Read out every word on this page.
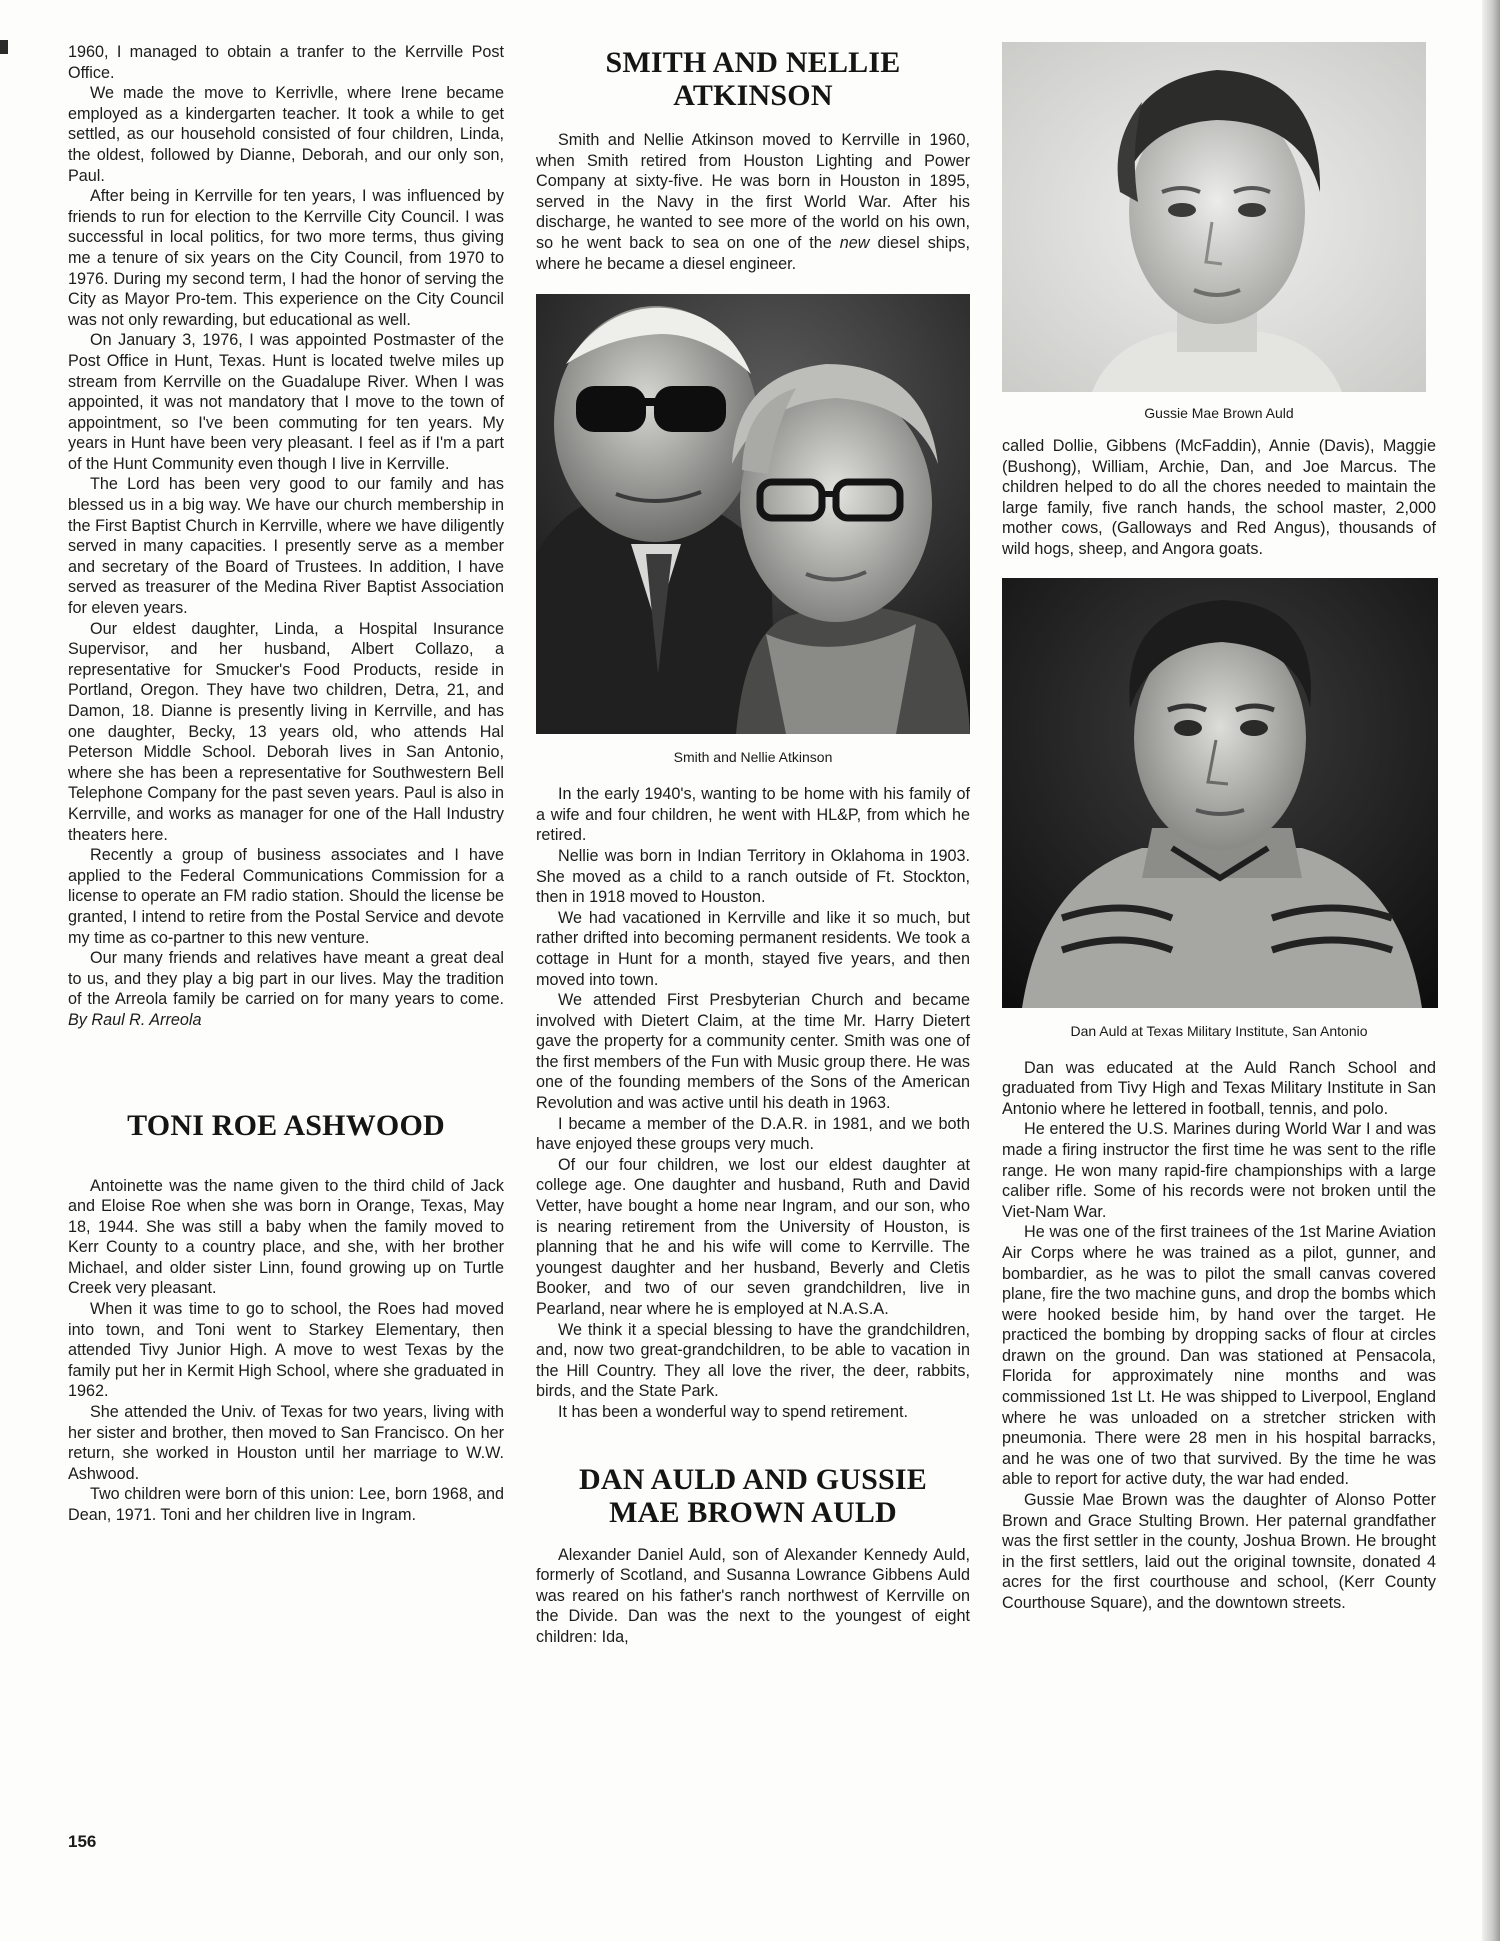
1960, I managed to obtain a tranfer to the Kerrville Post Office.

We made the move to Kerrivlle, where Irene became employed as a kindergarten teacher. It took a while to get settled, as our household consisted of four children, Linda, the oldest, followed by Dianne, Deborah, and our only son, Paul.

After being in Kerrville for ten years, I was influenced by friends to run for election to the Kerrville City Council. I was successful in local politics, for two more terms, thus giving me a tenure of six years on the City Council, from 1970 to 1976. During my second term, I had the honor of serving the City as Mayor Pro-tem. This experience on the City Council was not only rewarding, but educational as well.

On January 3, 1976, I was appointed Postmaster of the Post Office in Hunt, Texas. Hunt is located twelve miles up stream from Kerrville on the Guadalupe River. When I was appointed, it was not mandatory that I move to the town of appointment, so I've been commuting for ten years. My years in Hunt have been very pleasant. I feel as if I'm a part of the Hunt Community even though I live in Kerrville.

The Lord has been very good to our family and has blessed us in a big way. We have our church membership in the First Baptist Church in Kerrville, where we have diligently served in many capacities. I presently serve as a member and secretary of the Board of Trustees. In addition, I have served as treasurer of the Medina River Baptist Association for eleven years.

Our eldest daughter, Linda, a Hospital Insurance Supervisor, and her husband, Albert Collazo, a representative for Smucker's Food Products, reside in Portland, Oregon. They have two children, Detra, 21, and Damon, 18. Dianne is presently living in Kerrville, and has one daughter, Becky, 13 years old, who attends Hal Peterson Middle School. Deborah lives in San Antonio, where she has been a representative for Southwestern Bell Telephone Company for the past seven years. Paul is also in Kerrville, and works as manager for one of the Hall Industry theaters here.

Recently a group of business associates and I have applied to the Federal Communications Commission for a license to operate an FM radio station. Should the license be granted, I intend to retire from the Postal Service and devote my time as co-partner to this new venture.

Our many friends and relatives have meant a great deal to us, and they play a big part in our lives. May the tradition of the Arreola family be carried on for many years to come. By Raul R. Arreola

TONI ROE ASHWOOD

Antoinette was the name given to the third child of Jack and Eloise Roe when she was born in Orange, Texas, May 18, 1944. She was still a baby when the family moved to Kerr County to a country place, and she, with her brother Michael, and older sister Linn, found growing up on Turtle Creek very pleasant.

When it was time to go to school, the Roes had moved into town, and Toni went to Starkey Elementary, then attended Tivy Junior High. A move to west Texas by the family put her in Kermit High School, where she graduated in 1962.

She attended the Univ. of Texas for two years, living with her sister and brother, then moved to San Francisco. On her return, she worked in Houston until her marriage to W.W. Ashwood.

Two children were born of this union: Lee, born 1968, and Dean, 1971. Toni and her children live in Ingram.

SMITH AND NELLIE
ATKINSON

Smith and Nellie Atkinson moved to Kerrville in 1960, when Smith retired from Houston Lighting and Power Company at sixty-five. He was born in Houston in 1895, served in the Navy in the first World War. After his discharge, he wanted to see more of the world on his own, so he went back to sea on one of the new diesel ships, where he became a diesel engineer.

Smith and Nellie Atkinson

In the early 1940's, wanting to be home with his family of a wife and four children, he went with HL&P, from which he retired.

Nellie was born in Indian Territory in Oklahoma in 1903. She moved as a child to a ranch outside of Ft. Stockton, then in 1918 moved to Houston.

We had vacationed in Kerrville and like it so much, but rather drifted into becoming permanent residents. We took a cottage in Hunt for a month, stayed five years, and then moved into town.

We attended First Presbyterian Church and became involved with Dietert Claim, at the time Mr. Harry Dietert gave the property for a community center. Smith was one of the first members of the Fun with Music group there. He was one of the founding members of the Sons of the American Revolution and was active until his death in 1963.

I became a member of the D.A.R. in 1981, and we both have enjoyed these groups very much.

Of our four children, we lost our eldest daughter at college age. One daughter and husband, Ruth and David Vetter, have bought a home near Ingram, and our son, who is nearing retirement from the University of Houston, is planning that he and his wife will come to Kerrville. The youngest daughter and her husband, Beverly and Cletis Booker, and two of our seven grandchildren, live in Pearland, near where he is employed at N.A.S.A.

We think it a special blessing to have the grandchildren, and, now two great-grandchildren, to be able to vacation in the Hill Country. They all love the river, the deer, rabbits, birds, and the State Park.

It has been a wonderful way to spend retirement.

DAN AULD AND GUSSIE
MAE BROWN AULD

Alexander Daniel Auld, son of Alexander Kennedy Auld, formerly of Scotland, and Susanna Lowrance Gibbens Auld was reared on his father's ranch northwest of Kerrville on the Divide. Dan was the next to the youngest of eight children: Ida,

Gussie Mae Brown Auld

called Dollie, Gibbens (McFaddin), Annie (Davis), Maggie (Bushong), William, Archie, Dan, and Joe Marcus. The children helped to do all the chores needed to maintain the large family, five ranch hands, the school master, 2,000 mother cows, (Galloways and Red Angus), thousands of wild hogs, sheep, and Angora goats.

Dan Auld at Texas Military Institute, San Antonio

Dan was educated at the Auld Ranch School and graduated from Tivy High and Texas Military Institute in San Antonio where he lettered in football, tennis, and polo.

He entered the U.S. Marines during World War I and was made a firing instructor the first time he was sent to the rifle range. He won many rapid-fire championships with a large caliber rifle. Some of his records were not broken until the Viet-Nam War.

He was one of the first trainees of the 1st Marine Aviation Air Corps where he was trained as a pilot, gunner, and bombardier, as he was to pilot the small canvas covered plane, fire the two machine guns, and drop the bombs which were hooked beside him, by hand over the target. He practiced the bombing by dropping sacks of flour at circles drawn on the ground. Dan was stationed at Pensacola, Florida for approximately nine months and was commissioned 1st Lt. He was shipped to Liverpool, England where he was unloaded on a stretcher stricken with pneumonia. There were 28 men in his hospital barracks, and he was one of two that survived. By the time he was able to report for active duty, the war had ended.

Gussie Mae Brown was the daughter of Alonso Potter Brown and Grace Stulting Brown. Her paternal grandfather was the first settler in the county, Joshua Brown. He brought in the first settlers, laid out the original townsite, donated 4 acres for the first courthouse and school, (Kerr County Courthouse Square), and the downtown streets.

156
